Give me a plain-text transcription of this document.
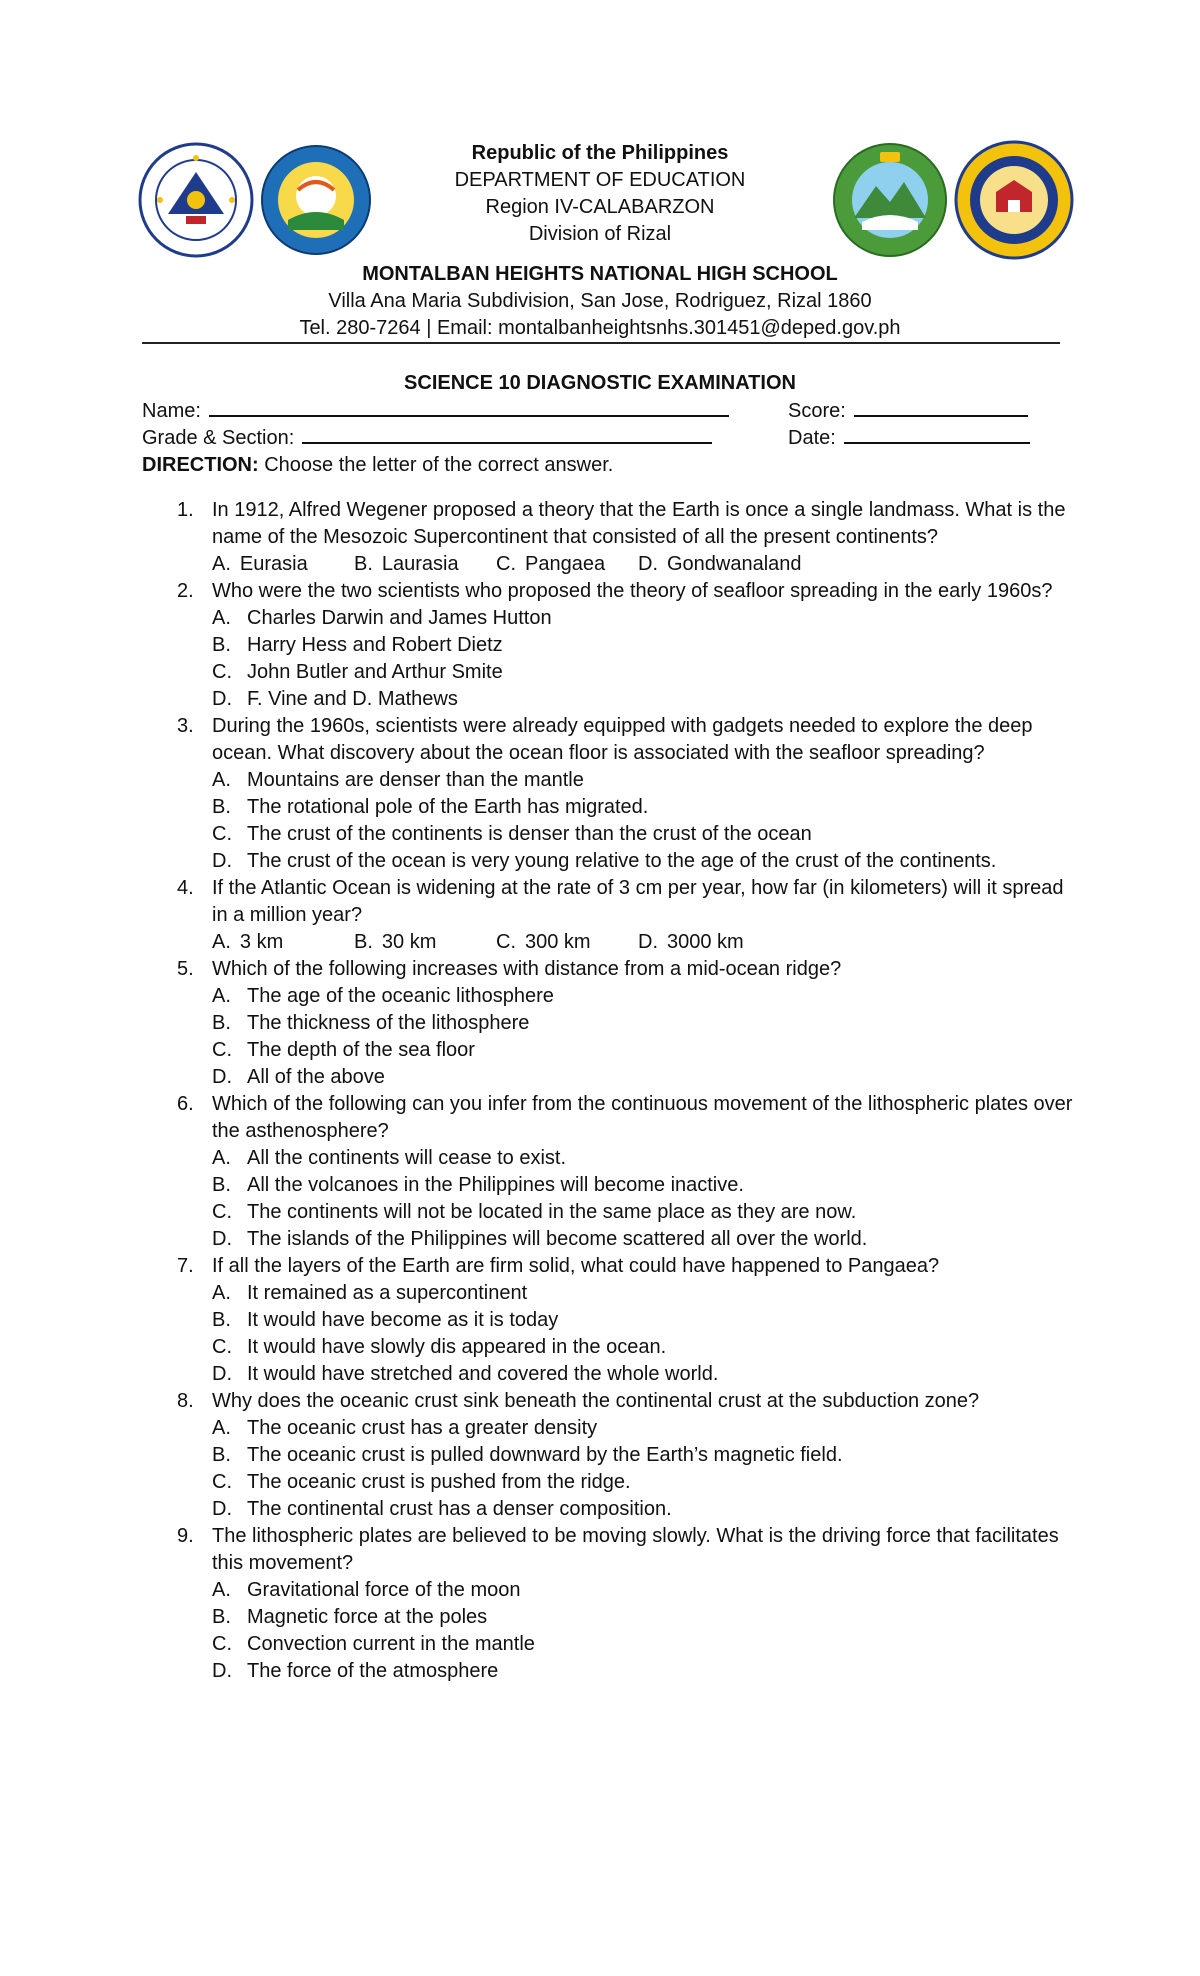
Republic of the Philippines
DEPARTMENT OF EDUCATION
Region IV-CALABARZON
Division of Rizal
MONTALBAN HEIGHTS NATIONAL HIGH SCHOOL
Villa Ana Maria Subdivision, San Jose, Rodriguez, Rizal 1860
Tel. 280-7264 | Email: montalbanheightsnhs.301451@deped.gov.ph
SCIENCE 10 DIAGNOSTIC EXAMINATION
Name:	Score:
Grade & Section:	Date:
DIRECTION: Choose the letter of the correct answer.
1. In 1912, Alfred Wegener proposed a theory that the Earth is once a single landmass. What is the name of the Mesozoic Supercontinent that consisted of all the present continents?
A. Eurasia B. Laurasia C. Pangaea D. Gondwanaland
2. Who were the two scientists who proposed the theory of seafloor spreading in the early 1960s?
A. Charles Darwin and James Hutton
B. Harry Hess and Robert Dietz
C. John Butler and Arthur Smite
D. F. Vine and D. Mathews
3. During the 1960s, scientists were already equipped with gadgets needed to explore the deep ocean. What discovery about the ocean floor is associated with the seafloor spreading?
A. Mountains are denser than the mantle
B. The rotational pole of the Earth has migrated.
C. The crust of the continents is denser than the crust of the ocean
D. The crust of the ocean is very young relative to the age of the crust of the continents.
4. If the Atlantic Ocean is widening at the rate of 3 cm per year, how far (in kilometers) will it spread in a million year?
A. 3 km	B. 30 km	C. 300 km D. 3000 km
5. Which of the following increases with distance from a mid-ocean ridge?
A. The age of the oceanic lithosphere
B. The thickness of the lithosphere
C. The depth of the sea floor
D. All of the above
6. Which of the following can you infer from the continuous movement of the lithospheric plates over the asthenosphere?
A. All the continents will cease to exist.
B. All the volcanoes in the Philippines will become inactive.
C. The continents will not be located in the same place as they are now.
D. The islands of the Philippines will become scattered all over the world.
7. If all the layers of the Earth are firm solid, what could have happened to Pangaea?
A. It remained as a supercontinent
B. It would have become as it is today
C. It would have slowly dis appeared in the ocean.
D. It would have stretched and covered the whole world.
8. Why does the oceanic crust sink beneath the continental crust at the subduction zone?
A. The oceanic crust has a greater density
B. The oceanic crust is pulled downward by the Earth’s magnetic field.
C. The oceanic crust is pushed from the ridge.
D. The continental crust has a denser composition.
9. The lithospheric plates are believed to be moving slowly. What is the driving force that facilitates this movement?
A. Gravitational force of the moon
B. Magnetic force at the poles
C. Convection current in the mantle
D. The force of the atmosphere
